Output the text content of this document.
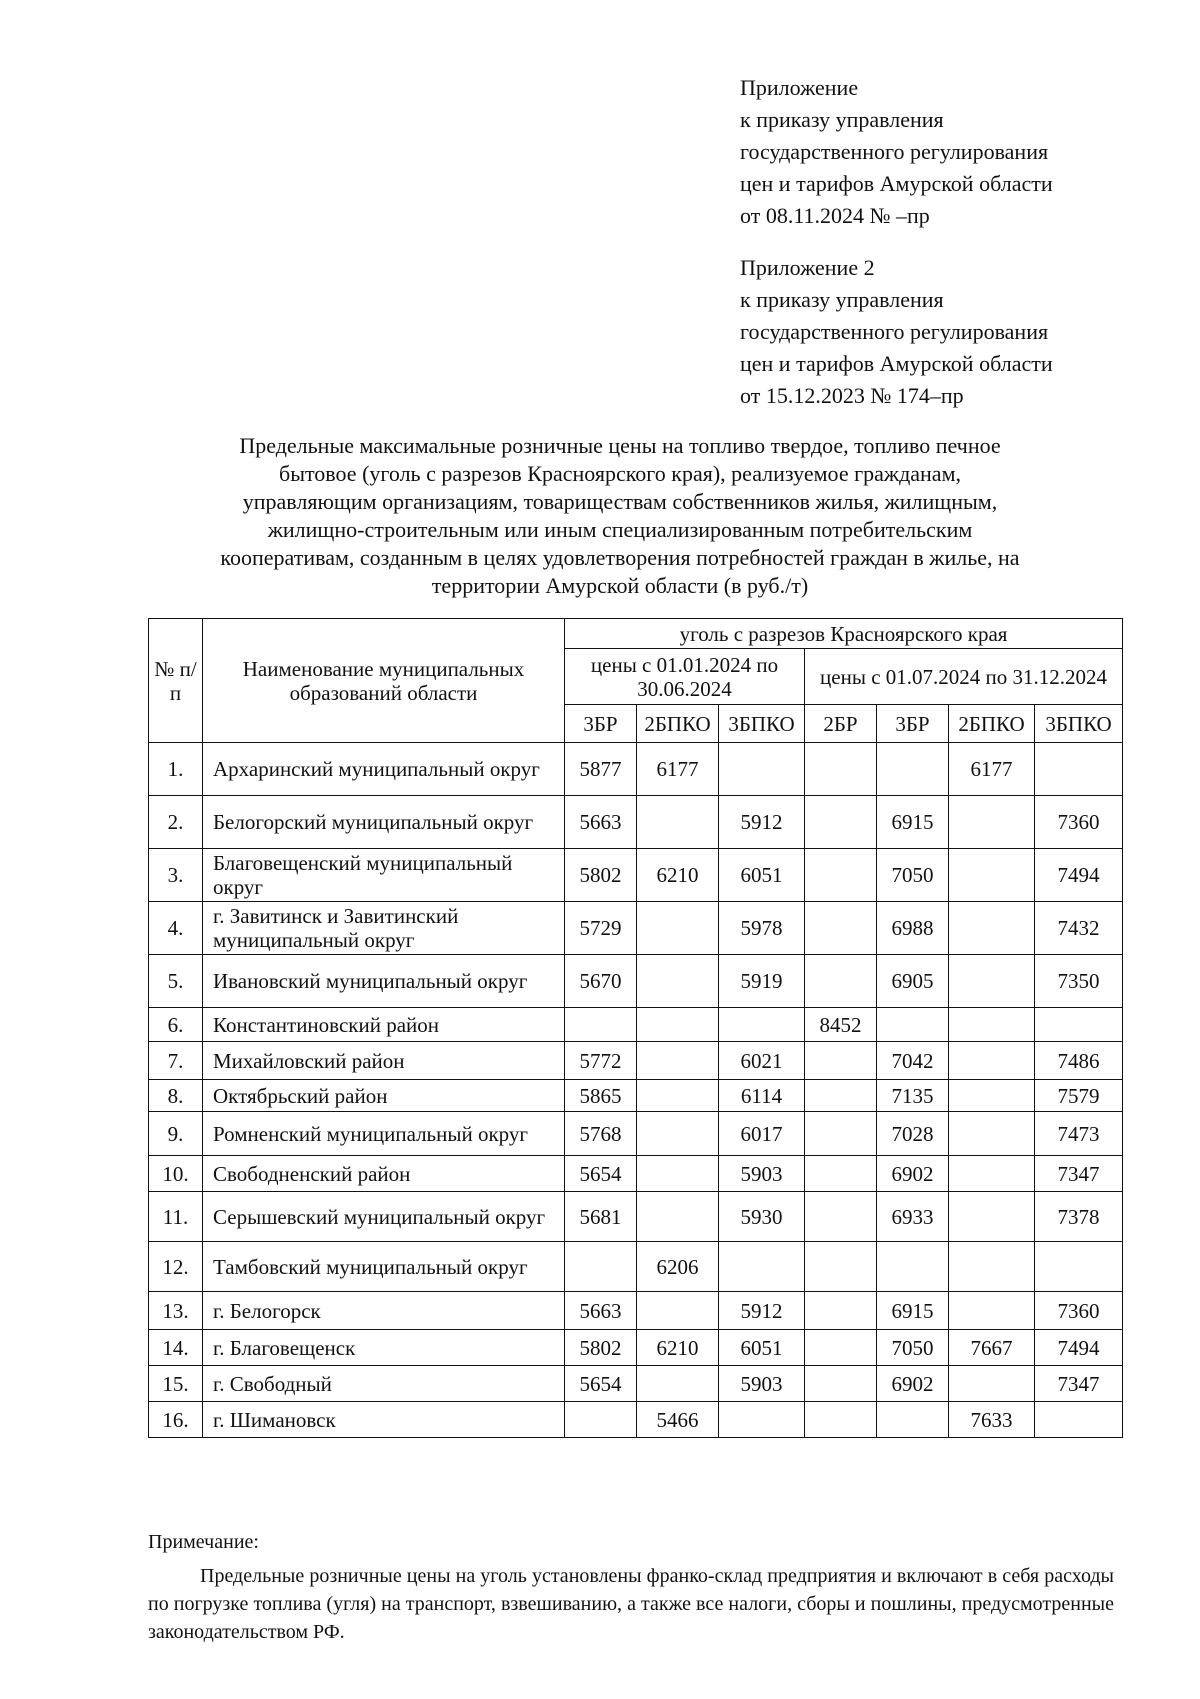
Приложение
к приказу управления
государственного регулирования
цен и тарифов Амурской области
от 08.11.2024 № –пр
Приложение 2
к приказу управления
государственного регулирования
цен и тарифов Амурской области
от 15.12.2023 № 174–пр
Предельные максимальные розничные цены на топливо твердое, топливо печное
бытовое (уголь с разрезов Красноярского края), реализуемое гражданам,
управляющим организациям, товариществам собственников жилья, жилищным,
жилищно-строительным или иным специализированным потребительским
кооперативам, созданным в целях удовлетворения потребностей граждан в жилье, на
территории Амурской области (в руб./т)
№ п/п	Наименование муниципальных образований области	уголь с разрезов Красноярского края						
		цены с 01.01.2024 по 30.06.2024			цены с 01.07.2024 по 31.12.2024			
		3БР	2БПКО	3БПКО	2БР	3БР	2БПКО	3БПКО
1.	Архаринский муниципальный округ	5877	6177				6177	
2.	Белогорский муниципальный округ	5663		5912		6915		7360
3.	Благовещенский муниципальный округ	5802	6210	6051		7050		7494
4.	г. Завитинск и Завитинский муниципальный округ	5729		5978		6988		7432
5.	Ивановский муниципальный округ	5670		5919		6905		7350
6.	Константиновский район				8452			
7.	Михайловский район	5772		6021		7042		7486
8.	Октябрьский район	5865		6114		7135		7579
9.	Ромненский муниципальный округ	5768		6017		7028		7473
10.	Свободненский район	5654		5903		6902		7347
11.	Серышевский муниципальный округ	5681		5930		6933		7378
12.	Тамбовский муниципальный округ		6206					
13.	г. Белогорск	5663		5912		6915		7360
14.	г. Благовещенск	5802	6210	6051		7050	7667	7494
15.	г. Свободный	5654		5903		6902		7347
16.	г. Шимановск		5466				7633	
Примечание:
Предельные розничные цены на уголь установлены франко-склад предприятия и включают в себя расходы по погрузке топлива (угля) на транспорт, взвешиванию, а также все налоги, сборы и пошлины, предусмотренные законодательством РФ.
